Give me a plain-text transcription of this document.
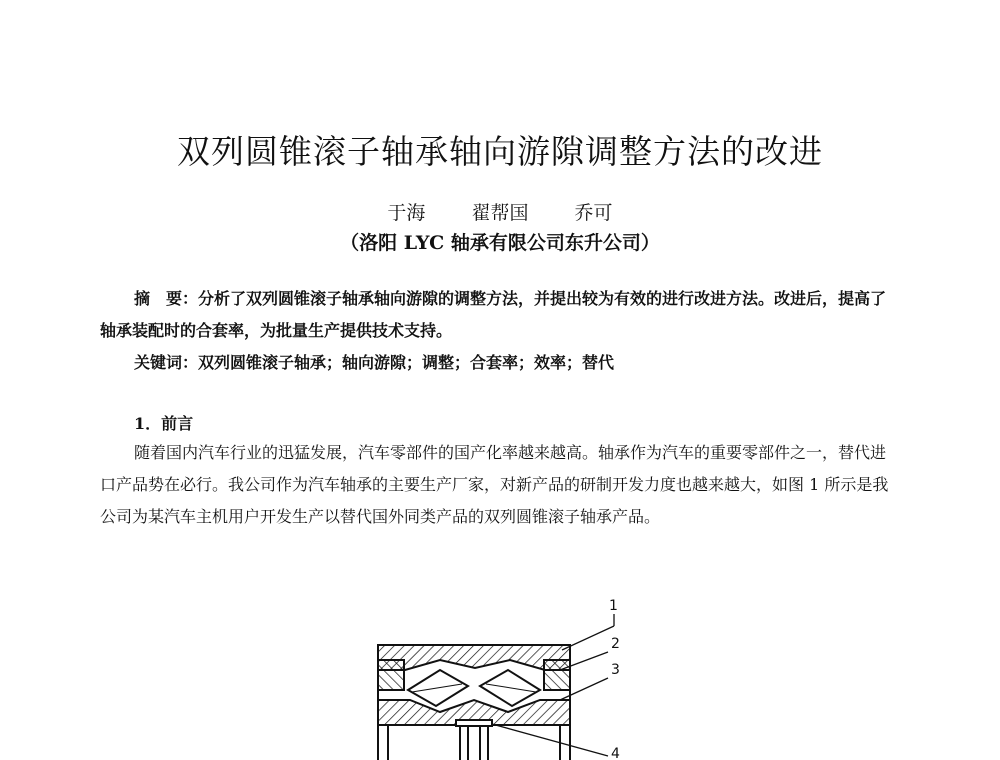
双列圆锥滚子轴承轴向游隙调整方法的改进
于海 翟帮国 乔可
（洛阳 LYC 轴承有限公司东升公司）

摘　要：分析了双列圆锥滚子轴承轴向游隙的调整方法，并提出较为有效的进行改进方法。改进后，提高了轴承装配时的合套率，为批量生产提供技术支持。

关键词：双列圆锥滚子轴承；轴向游隙；调整；合套率；效率；替代

1．前言

随着国内汽车行业的迅猛发展，汽车零部件的国产化率越来越高。轴承作为汽车的重要零部件之一，替代进口产品势在必行。我公司作为汽车轴承的主要生产厂家，对新产品的研制开发力度也越来越大，如图 1 所示是我公司为某汽车主机用户开发生产以替代国外同类产品的双列圆锥滚子轴承产品。

1
2
3
4
